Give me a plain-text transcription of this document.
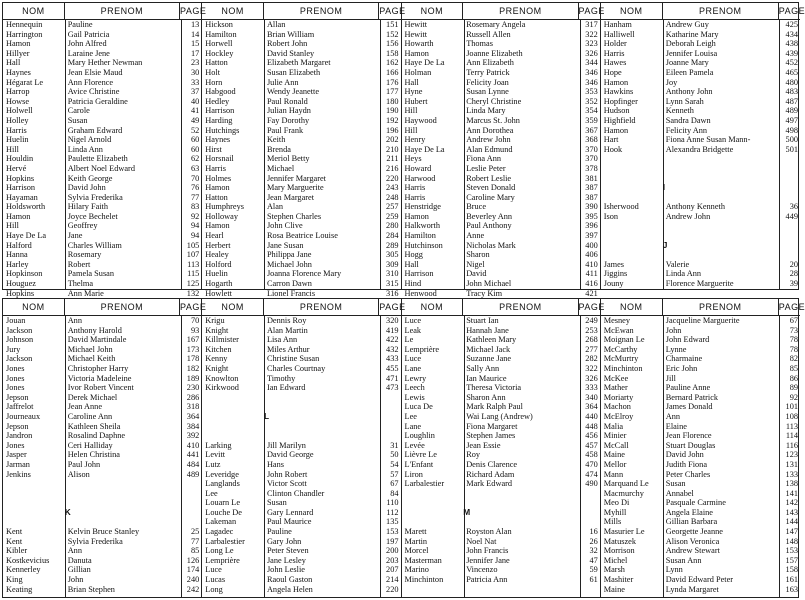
NOM	PRENOM	PAGE
Hennequin	Pauline	13
Harrington	Gail Patricia	14
Hamon	John Alfred	15
Hillyer	Laraine Jene	17
Hall	Mary Hether Newman	23
Haynes	Jean Elsie Maud	30
Hégarat Le	Ann Florence	33
Harrop	Avice Christine	37
Howse	Patricia Geraldine	40
Holwell	Carole	41
Holley	Susan	49
Harris	Graham Edward	52
Huelin	Nigel Arnold	60
Hill	Linda Ann	60
Houldin	Paulette Elizabeth	62
Hervé	Albert Noel Edward	63
Hopkins	Keith George	70
Harrison	David John	76
Hayaman	Sylvia Frederika	77
Holdsworth	Hilary Faith	83
Hamon	Joyce Bechelet	92
Hill	Geoffrey	94
Haye De La	Jane	94
Halford	Charles William	105
Hanna	Rosemary	107
Harley	Robert	113
Hopkinson	Pamela Susan	115
Houguez	Thelma	125
Hopkins	Ann Marie	132
NOM	PRENOM	PAGE
Hickson	Allan	151
Hamilton	Brian William	152
Horwell	Robert John	156
Hockley	David Stanley	158
Hatton	Elizabeth Margaret	162
Holt	Susan Elizabeth	166
Horn	Julie Ann	176
Habgood	Wendy Jeanette	177
Hedley	Paul Ronald	180
Harrison	Julian Haydn	190
Harding	Fay Dorothy	192
Hutchings	Paul Frank	196
Haynes	Keith	202
Hirst	Brenda	210
Horsnail	Meriol Betty	211
Harris	Michael	216
Holmes	Jennifer Margaret	220
Hamon	Mary Marguerite	243
Hatton	Jean Margaret	248
Humphreys	Alan	257
Holloway	Stephen Charles	259
Hamon	John Clive	280
Hearl	Rosa Beatrice Louise	284
Herbert	Jane Susan	289
Healey	Philippa Jane	305
Holford	Michael John	309
Huelin	Joanna Florence Mary	310
Hogarth	Carron Dawn	315
Howlett	Lionel Francis	316
NOM	PRENOM	PAGE
Hewitt	Rosemary Angela	317
Hewitt	Russell Allen	322
Howarth	Thomas	323
Hamon	Joanne Elizabeth	326
Haye De La	Ann Elizabeth	344
Holman	Terry Patrick	346
Hall	Felicity Joan	346
Hyne	Susan Lynne	353
Hubert	Cheryl Christine	352
Hill	Linda Mary	354
Haywood	Marcus St. John	359
Hill	Ann Dorothea	367
Henry	Andrew John	368
Haye De La	Alan Edmund	370
Heys	Fiona Ann	370
Howard	Leslie Peter	378
Harwood	Robert Leslie	381
Harris	Steven Donald	387
Harris	Caroline Mary	387
Henstridge	Bruce	390
Hamon	Beverley Ann	395
Halkworth	Paul Anthony	396
Hamilton	Anne	397
Hutchinson	Nicholas Mark	400
Hogg	Sharon	406
Hall	Nigel	410
Harrison	David	411
Hind	John Michael	416
Henwood	Tracy Kim	421
NOM	PRENOM	PAGE
Hanham	Andrew Guy	425
Halliwell	Katharine Mary	434
Holder	Deborah Leigh	438
Harris	Jennifer Louisa	439
Hawes	Joanne Mary	452
Hope	Eileen Pamela	465
Hamon	Joy	480
Hawkins	Anthony John	483
Hopfinger	Lynn Sarah	487
Hudson	Kenneth	489
Highfield	Sandra Dawn	497
Hamon	Felicity Ann	498
Hart	Fiona Anne Susan Mann-	500
Hook	Alexandra Bridgette	501
I
Isherwood	Anthony Kenneth	36
Ison	Andrew John	449
J
James	Valerie	20
Jiggins	Linda Ann	28
Jouny	Florence Marguerite	39
NOM	PRENOM	PAGE
Jouan	Ann	70
Jackson	Anthony Harold	93
Johnson	David Martindale	167
Jury	Michael John	173
Jackson	Michael Keith	178
Jones	Christopher Harry	182
Jones	Victoria Madeleine	189
Jones	Ivor Robert Vincent	230
Jepson	Derek Michael	286
Jaffrelot	Jean Anne	318
Journeaux	Caroline Ann	364
Jepson	Kathleen Sheila	384
Jandron	Rosalind Daphne	392
Jones	Ceri Halliday	410
Jasper	Helen Christina	441
Jarman	Paul John	484
Jenkins	Alison	489
K
Kent	Kelvin Bruce Stanley	25
Kent	Sylvia Frederika	77
Kibler	Ann	85
Kostkevicius	Danuta	126
Kennerley	Gillian	174
King	John	240
Keating	Brian Stephen	242
NOM	PRENOM	PAGE
Krigu	Dennis Roy	320
Knight	Alan Martin	419
Killmister	Lisa Ann	422
Kitchen	Miles Arthur	432
Kenny	Christine Susan	433
Knight	Charles Courtnay	455
Knowlton	Timothy	471
Kirkwood	Ian Edward	473
L
Larking	Jill Marilyn	31
Levitt	David George	50
Lutz	Hans	54
Leveridge	John Robert	57
Langlands	Victor Scott	67
Lee	Clinton Chandler	84
Louarn Le	Susan	110
Louche De	Gary Lennard	112
Lakeman	Paul Maurice	135
Lagadec	Pauline	153
Larbalestier	Gary John	197
Long Le	Peter Steven	200
Lemprière	Jane Lesley	203
Luce	John Leslie	207
Lucas	Raoul Gaston	214
Long	Angela Helen	220
NOM	PRENOM	PAGE
Luce	Stuart Ian	249
Leak	Hannah Jane	253
Le	Kathleen Mary	268
Lemprière	Michael Jack	277
Luce	Suzanne Jane	282
Lane	Sally Ann	322
Lewry	Ian Maurice	326
Leech	Theresa Victoria	333
Lewis	Sharon Ann	340
Luca De	Mark Ralph Paul	364
Lee	Wai Lang (Andrew)	440
Lane	Fiona Margaret	448
Loughlin	Stephen James	456
Levée	Jean Essie	457
Lièvre Le	Roy	458
L'Enfant	Denis Clarence	470
Liron	Richard Adam	474
Larbalestier	Mark Edward	490
M
Marett	Royston Alan	16
Martin	Noel Nat	26
Morcel	John Francis	32
Masterman	Jennifer Jane	47
Marino	Vincenzo	59
Minchinton	Patricia Ann	61
NOM	PRENOM	PAGE
Mesney	Jacqueline Marguerite	67
McEwan	John	73
Moignan Le	John Edward	78
McCarthy	Lynne	78
McMurtry	Charmaine	82
Minchinton	Eric John	85
McKee	Jill	86
Mather	Pauline Anne	89
Moriarty	Bernard Patrick	92
Machon	James Donald	101
McElroy	Ann	108
Malia	Elaine	113
Minier	Jean Florence	114
McCall	Stuart Douglas	116
Maine	David John	123
Mellor	Judith Fiona	131
Mann	Peter Charles	133
Marquand Le	Susan	138
Macmurchy	Annabel	141
Meo Di	Pasquale Carmine	142
Myhill	Angela Elaine	143
Mills	Gillian Barbara	144
Masurier Le	Georgette Jeanne	147
Matuszek	Alison Veronica	148
Morrison	Andrew Stewart	153
Michel	Susan Ann	157
Marsh	Lynn	158
Mashiter	David Edward Peter	161
Maine	Lynda Margaret	163
